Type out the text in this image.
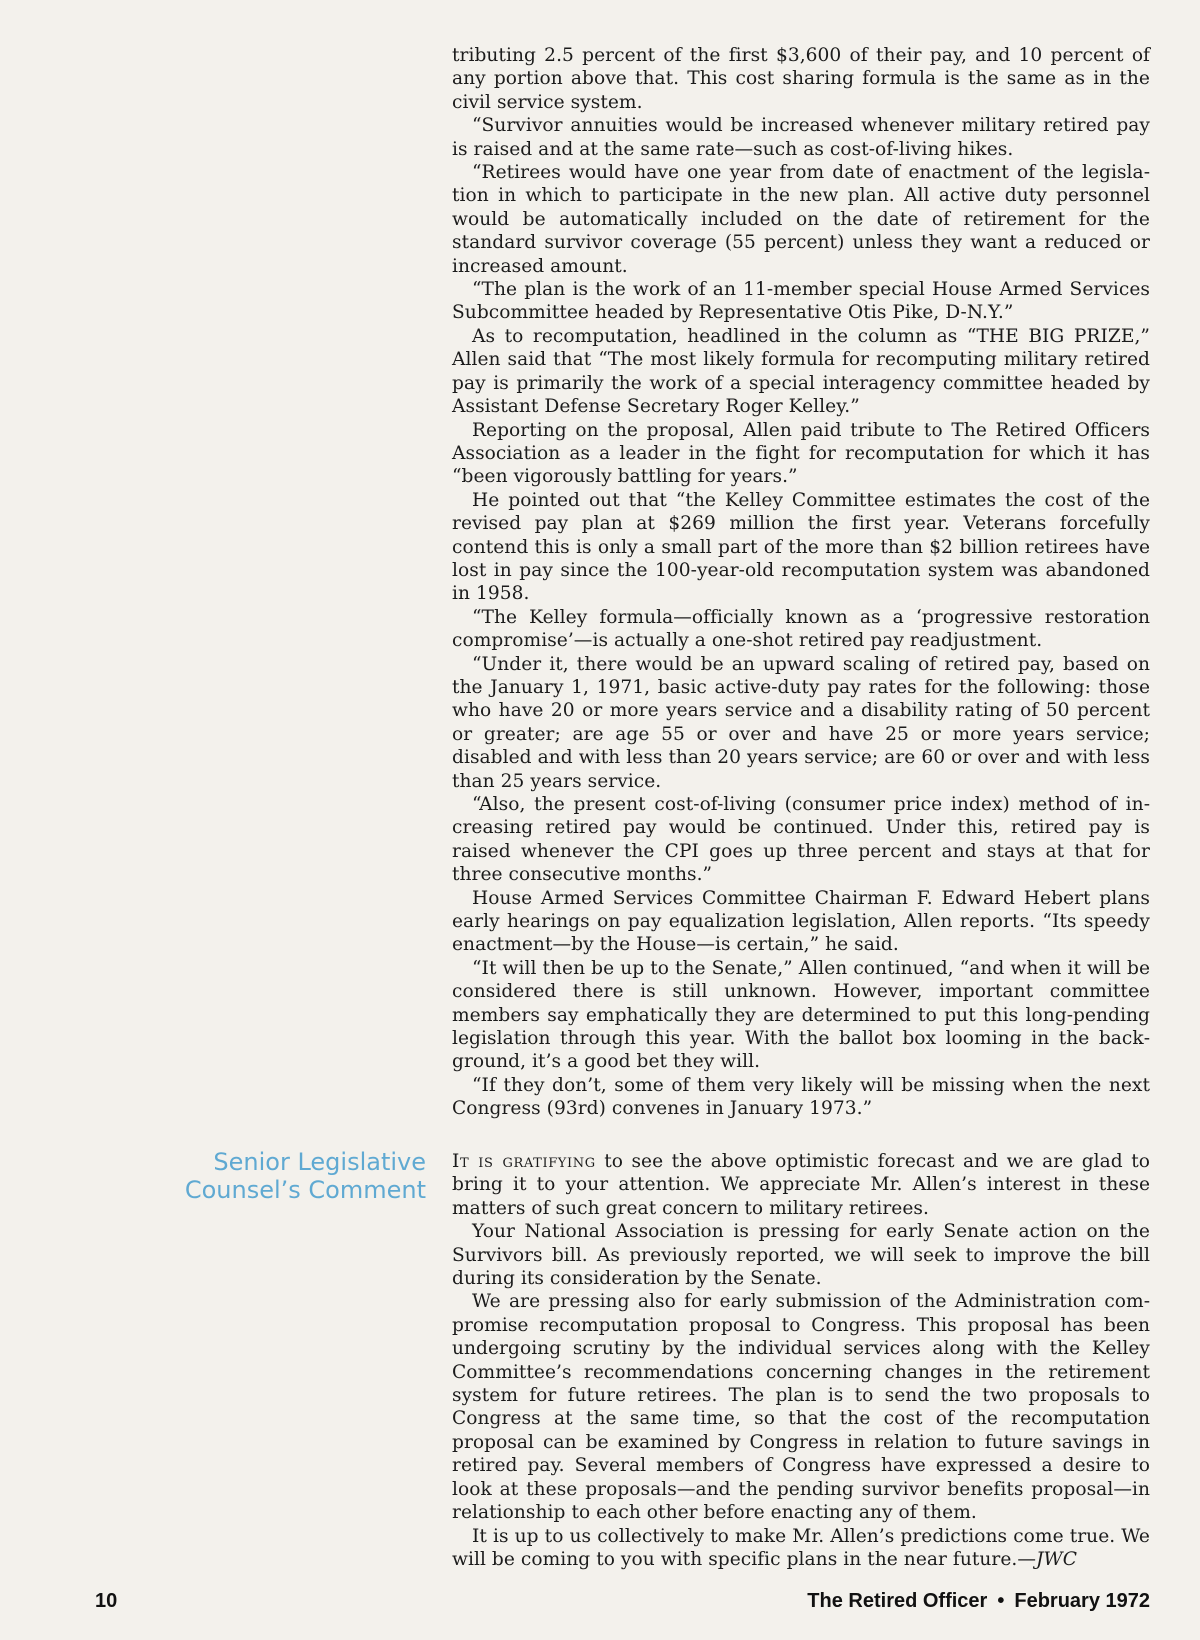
tributing 2.5 percent of the first $3,600 of their pay, and 10 percent of any portion above that. This cost sharing formula is the same as in the civil service system.

“Survivor annuities would be increased whenever military retired pay is raised and at the same rate—such as cost-of-living hikes.

“Retirees would have one year from date of enactment of the legislation in which to participate in the new plan. All active duty personnel would be automatically included on the date of retirement for the standard survivor coverage (55 percent) unless they want a reduced or increased amount.

“The plan is the work of an 11-member special House Armed Services Subcommittee headed by Representative Otis Pike, D-N.Y.”

As to recomputation, headlined in the column as “THE BIG PRIZE,” Allen said that “The most likely formula for recomputing military retired pay is primarily the work of a special interagency committee headed by Assistant Defense Secretary Roger Kelley.”

Reporting on the proposal, Allen paid tribute to The Retired Officers Association as a leader in the fight for recomputation for which it has “been vigorously battling for years.”

He pointed out that “the Kelley Committee estimates the cost of the revised pay plan at $269 million the first year. Veterans forcefully contend this is only a small part of the more than $2 billion retirees have lost in pay since the 100-year-old recomputation system was abandoned in 1958.

“The Kelley formula—officially known as a ‘progressive restoration compromise’—is actually a one-shot retired pay readjustment.

“Under it, there would be an upward scaling of retired pay, based on the January 1, 1971, basic active-duty pay rates for the following: those who have 20 or more years service and a disability rating of 50 percent or greater; are age 55 or over and have 25 or more years service; disabled and with less than 20 years service; are 60 or over and with less than 25 years service.

“Also, the present cost-of-living (consumer price index) method of increasing retired pay would be continued. Under this, retired pay is raised whenever the CPI goes up three percent and stays at that for three consecutive months.”

House Armed Services Committee Chairman F. Edward Hebert plans early hearings on pay equalization legislation, Allen reports. “Its speedy enactment—by the House—is certain,” he said.

“It will then be up to the Senate,” Allen continued, “and when it will be considered there is still unknown. However, important committee members say emphatically they are determined to put this long-pending legislation through this year. With the ballot box looming in the background, it’s a good bet they will.

“If they don’t, some of them very likely will be missing when the next Congress (93rd) convenes in January 1973.”

Senior Legislative
Counsel’s Comment

It is gratifying to see the above optimistic forecast and we are glad to bring it to your attention. We appreciate Mr. Allen’s interest in these matters of such great concern to military retirees.

Your National Association is pressing for early Senate action on the Survivors bill. As previously reported, we will seek to improve the bill during its consideration by the Senate.

We are pressing also for early submission of the Administration compromise recomputation proposal to Congress. This proposal has been undergoing scrutiny by the individual services along with the Kelley Committee’s recommendations concerning changes in the retirement system for future retirees. The plan is to send the two proposals to Congress at the same time, so that the cost of the recomputation proposal can be examined by Congress in relation to future savings in retired pay. Several members of Congress have expressed a desire to look at these proposals—and the pending survivor benefits proposal—in relationship to each other before enacting any of them.

It is up to us collectively to make Mr. Allen’s predictions come true. We will be coming to you with specific plans in the near future.—JWC

10	The Retired Officer • February 1972
